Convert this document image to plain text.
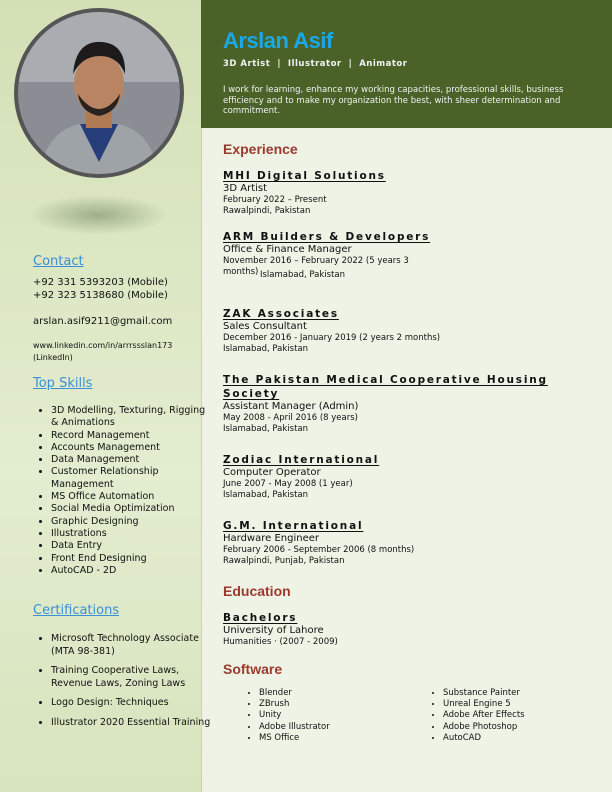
Contact
+92 331 5393203 (Mobile)
+92 323 5138680 (Mobile)
arslan.asif9211@gmail.com
www.linkedin.com/in/arrrssslan173
(LinkedIn)
Top Skills
• 3D Modelling, Texturing, Rigging & Animations
• Record Management
• Accounts Management
• Data Management
• Customer Relationship Management
• MS Office Automation
• Social Media Optimization
• Graphic Designing
• Illustrations
• Data Entry
• Front End Designing
• AutoCAD - 2D
Certifications
• Microsoft Technology Associate (MTA 98-381)
• Training Cooperative Laws, Revenue Laws, Zoning Laws
• Logo Design: Techniques
• Illustrator 2020 Essential Training
Arslan Asif
3D Artist | Illustrator | Animator
I work for learning, enhance my working capacities, professional skills, business efficiency and to make my organization the best, with sheer determination and commitment.
Experience
MHI Digital Solutions
3D Artist
February 2022 – Present
Rawalpindi, Pakistan
ARM Builders & Developers
Office & Finance Manager
November 2016 – February 2022 (5 years 3 months) Islamabad, Pakistan
ZAK Associates
Sales Consultant
December 2016 - January 2019 (2 years 2 months)
Islamabad, Pakistan
The Pakistan Medical Cooperative Housing Society
Assistant Manager (Admin)
May 2008 - April 2016 (8 years)
Islamabad, Pakistan
Zodiac International
Computer Operator
June 2007 - May 2008 (1 year)
Islamabad, Pakistan
G.M. International
Hardware Engineer
February 2006 - September 2006 (8 months)
Rawalpindi, Punjab, Pakistan
Education
Bachelors
University of Lahore
Humanities · (2007 - 2009)
Software
• Blender
• ZBrush
• Unity
• Adobe Illustrator
• MS Office
• Substance Painter
• Unreal Engine 5
• Adobe After Effects
• Adobe Photoshop
• AutoCAD
